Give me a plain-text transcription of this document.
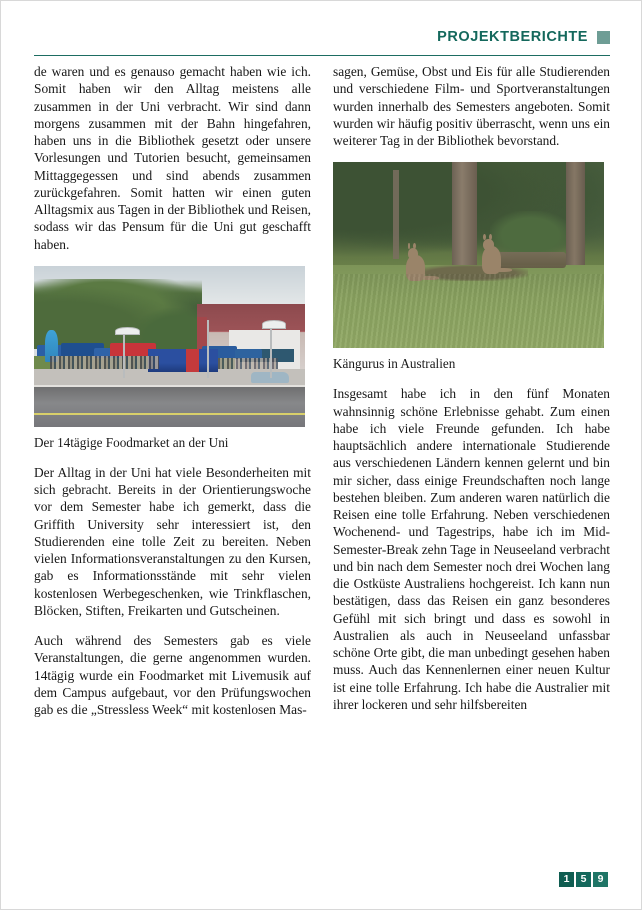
PROJEKTBERICHTE

de waren und es genauso gemacht haben wie ich. Somit haben wir den Alltag meistens alle zusammen in der Uni verbracht. Wir sind dann morgens zusammen mit der Bahn hingefahren, haben uns in die Bibliothek gesetzt oder unsere Vorlesungen und Tutorien besucht, gemeinsamen Mittaggegessen und sind abends zusammen zurückgefahren. Somit hatten wir einen guten Alltagsmix aus Tagen in der Bibliothek und Reisen, sodass wir das Pensum für die Uni gut geschafft haben.

Der 14tägige Foodmarket an der Uni

Der Alltag in der Uni hat viele Besonderheiten mit sich gebracht. Bereits in der Orientierungswoche vor dem Semester habe ich gemerkt, dass die Griffith University sehr interessiert ist, den Studierenden eine tolle Zeit zu bereiten. Neben vielen Informationsveranstaltungen zu den Kursen, gab es Informationsstände mit sehr vielen kostenlosen Werbegeschenken, wie Trinkflaschen, Blöcken, Stiften, Freikarten und Gutscheinen.

Auch während des Semesters gab es viele Veranstaltungen, die gerne angenommen wurden. 14tägig wurde ein Foodmarket mit Livemusik auf dem Campus aufgebaut, vor den Prüfungswochen gab es die „Stressless Week“ mit kostenlosen Mas-

sagen, Gemüse, Obst und Eis für alle Studierenden und verschiedene Film- und Sportveranstaltungen wurden innerhalb des Semesters angeboten. Somit wurden wir häufig positiv überrascht, wenn uns ein weiterer Tag in der Bibliothek bevorstand.

Kängurus in Australien

Insgesamt habe ich in den fünf Monaten wahnsinnig schöne Erlebnisse gehabt. Zum einen habe ich viele Freunde gefunden. Ich habe hauptsächlich andere internationale Studierende aus verschiedenen Ländern kennen gelernt und bin mir sicher, dass einige Freundschaften noch lange bestehen bleiben. Zum anderen waren natürlich die Reisen eine tolle Erfahrung. Neben verschiedenen Wochenend- und Tagestrips, habe ich im Mid-Semester-Break zehn Tage in Neuseeland verbracht und bin nach dem Semester noch drei Wochen lang die Ostküste Australiens hochgereist. Ich kann nun bestätigen, dass das Reisen ein ganz besonderes Gefühl mit sich bringt und dass es sowohl in Australien als auch in Neuseeland unfassbar schöne Orte gibt, die man unbedingt gesehen haben muss. Auch das Kennenlernen einer neuen Kultur ist eine tolle Erfahrung. Ich habe die Australier mit ihrer lockeren und sehr hilfsbereiten

1	5	9
